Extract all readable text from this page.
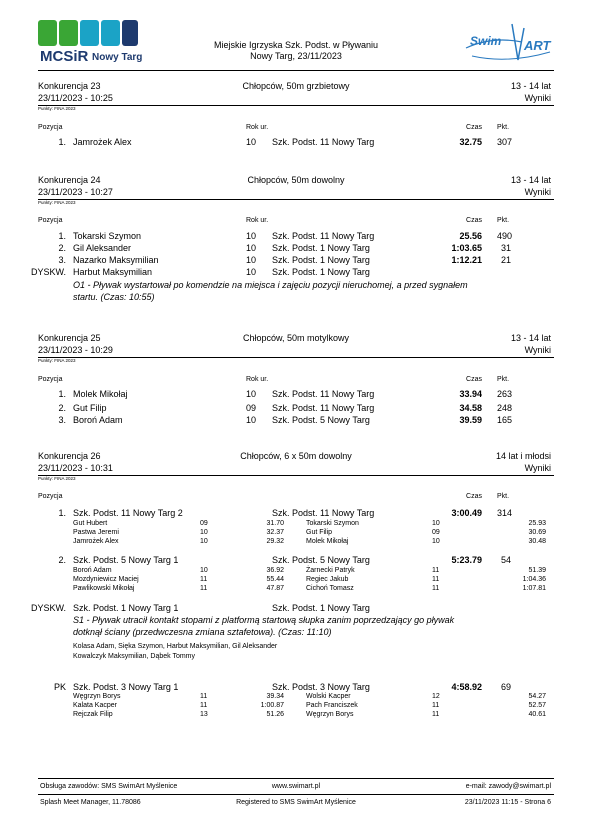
MCSiR Nowy Targ
Miejskie Igrzyska Szk. Podst. w Pływaniu
Nowy Targ, 23/11/2023
Swim ART
Konkurencja 23
23/11/2023 - 10:25
Chłopców, 50m grzbietowy	13 - 14 lat
Wyniki
Punkty: FINA 2023
Pozycja	Rok ur.	Czas Pkt.
1. Jamrożek Alex	10 Szk. Podst. 11 Nowy Targ	32.75 307
Konkurencja 24
23/11/2023 - 10:27
Chłopców, 50m dowolny	13 - 14 lat
Wyniki
Punkty: FINA 2023
Pozycja	Rok ur.	Czas Pkt.
1. Tokarski Szymon	10 Szk. Podst. 11 Nowy Targ	25.56 490
2. Gil Aleksander	10 Szk. Podst. 1 Nowy Targ	1:03.65 31
3. Nazarko Maksymilian	10 Szk. Podst. 1 Nowy Targ	1:12.21 21
DYSKW. Harbut Maksymilian	10 Szk. Podst. 1 Nowy Targ
O1 - Pływak wystartował po komendzie na miejsca i zajęciu pozycji nieruchomej, a przed sygnałem
startu. (Czas: 10:55)
Konkurencja 25
23/11/2023 - 10:29
Chłopców, 50m motylkowy	13 - 14 lat
Wyniki
Punkty: FINA 2023
Pozycja	Rok ur.	Czas Pkt.
1. Molek Mikołaj	10 Szk. Podst. 11 Nowy Targ	33.94 263
2. Gut Filip	09 Szk. Podst. 11 Nowy Targ	34.58 248
3. Boroń Adam	10 Szk. Podst. 5 Nowy Targ	39.59 165
Konkurencja 26
23/11/2023 - 10:31
Chłopców, 6 x 50m dowolny	14 lat i młodsi
Wyniki
Punkty: FINA 2023
Pozycja	Czas Pkt.
1. Szk. Podst. 11 Nowy Targ 2	Szk. Podst. 11 Nowy Targ	3:00.49 314
Gut Hubert	09	31.70	Tokarski Szymon	10	25.93
Pastwa Jeremi	10	32.37	Gut Filip	09	30.69
Jamrożek Alex	10	29.32	Molek Mikołaj	10	30.48
2. Szk. Podst. 5 Nowy Targ 1	Szk. Podst. 5 Nowy Targ	5:23.79 54
Boroń Adam	10	36.92	Żarnecki Patryk	11	51.39
Mozdyniewicz Maciej	11	55.44	Regiec Jakub	11	1:04.36
Pawlikowski Mikołaj	11	47.87	Cichoń Tomasz	11	1:07.81
DYSKW. Szk. Podst. 1 Nowy Targ 1	Szk. Podst. 1 Nowy Targ
S1 - Pływak utracił kontakt stopami z platformą startową słupka zanim poprzedzający go pływak
dotknął ściany (przedwczesna zmiana sztafetowa). (Czas: 11:10)
Kolasa Adam, Sięka Szymon, Harbut Maksymilian, Gil Aleksander
Kowalczyk Maksymilian, Dąbek Tommy
PK Szk. Podst. 3 Nowy Targ 1	Szk. Podst. 3 Nowy Targ	4:58.92 69
Węgrzyn Borys	11	39.34	Wolski Kacper	12	54.27
Kalata Kacper	11	1:00.87	Pach Franciszek	11	52.57
Rejczak Filip	13	51.26	Węgrzyn Borys	11	40.61
Obsługa zawodów: SMS SwimArt Myślenice	www.swimart.pl	e-mail: zawody@swimart.pl
Splash Meet Manager, 11.78086	Registered to SMS SwimArt Myślenice	23/11/2023 11:15 - Strona 6
